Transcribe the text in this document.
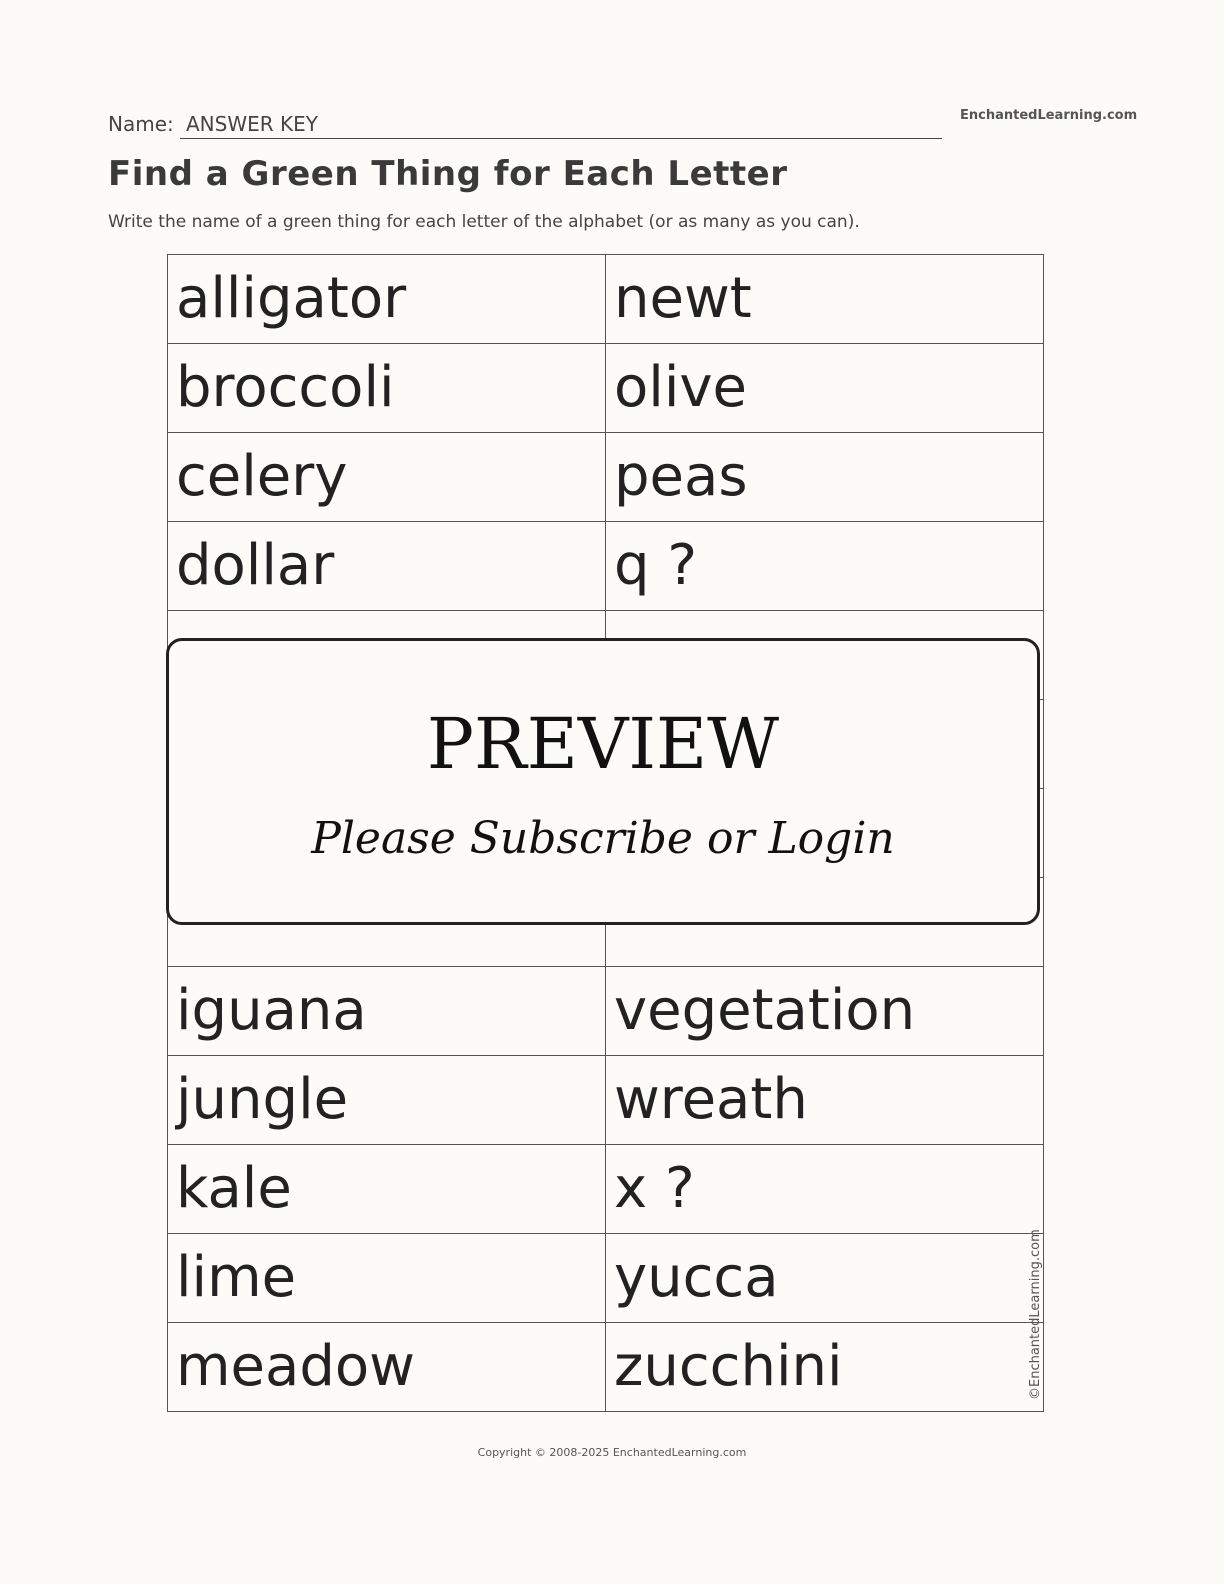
Name: ANSWER KEY	EnchantedLearning.com
Find a Green Thing for Each Letter
Write the name of a green thing for each letter of the alphabet (or as many as you can).
alligator	newt
broccoli	olive
celery	peas
dollar	q ?

iguana	vegetation
jungle	wreath
kale	x ?
lime	yucca
meadow	zucchini	©EnchantedLearning.com
PREVIEW
Please Subscribe or Login
Copyright © 2008-2025 EnchantedLearning.com
